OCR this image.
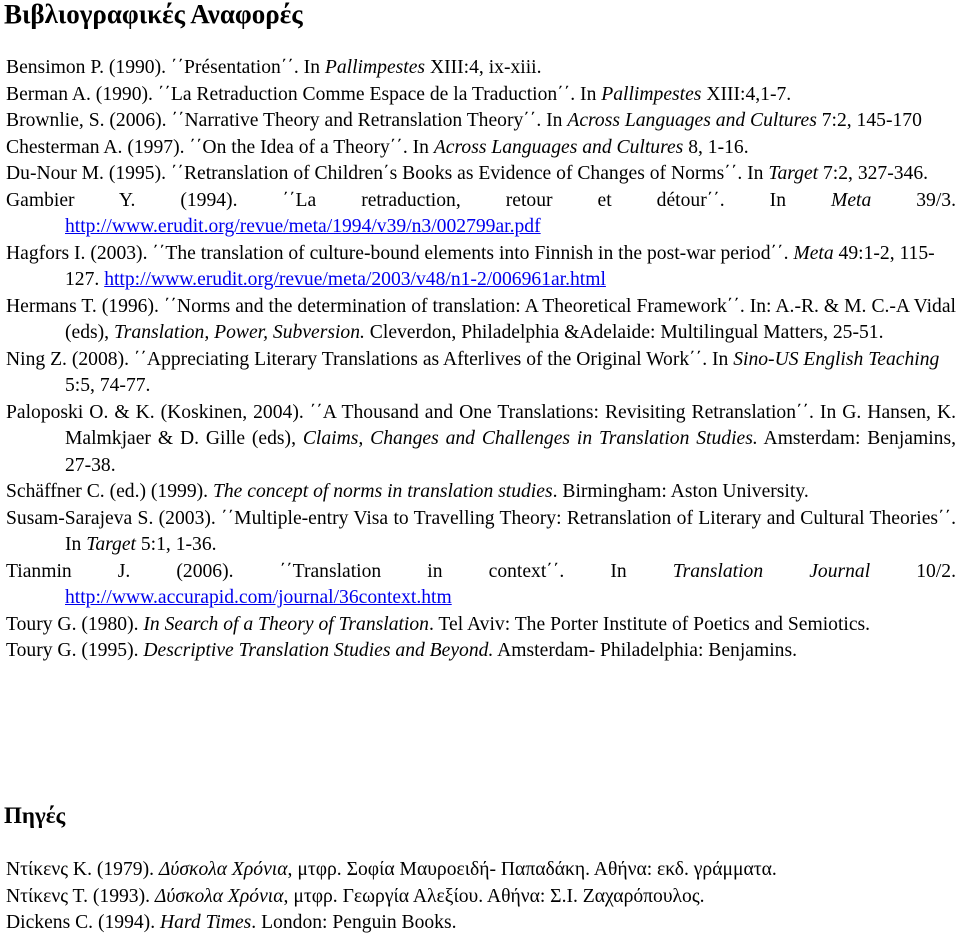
Βιβλιογραφικές Αναφορές

Bensimon P. (1990). ΄΄Présentation΄΄. In Pallimpestes XIII:4, ix-xiii.

Berman A. (1990). ΄΄La Retraduction Comme Espace de la Traduction΄΄. In Pallimpestes XIII:4,1-7.

Brownlie, S. (2006). ΄΄Narrative Theory and Retranslation Theory΄΄. In Across Languages and Cultures 7:2, 145-170

Chesterman A. (1997). ΄΄On the Idea of a Theory΄΄. In Across Languages and Cultures 8, 1-16.

Du-Nour M. (1995). ΄΄Retranslation of Children΄s Books as Evidence of Changes of Norms΄΄. In Target 7:2, 327-346.

Gambier Y. (1994). ΄΄La retraduction, retour et détour΄΄. In Meta 39/3. http://www.erudit.org/revue/meta/1994/v39/n3/002799ar.pdf

Hagfors I. (2003). ΄΄The translation of culture-bound elements into Finnish in the post-war period΄΄. Meta 49:1-2, 115-127. http://www.erudit.org/revue/meta/2003/v48/n1-2/006961ar.html

Hermans T. (1996). ΄΄Norms and the determination of translation: A Theoretical Framework΄΄. In: A.-R. & M. C.-A Vidal (eds), Translation, Power, Subversion. Cleverdon, Philadelphia &Adelaide: Multilingual Matters, 25-51.

Ning Z. (2008). ΄΄Appreciating Literary Translations as Afterlives of the Original Work΄΄. In Sino-US English Teaching 5:5, 74-77.

Paloposki O. & K. (Koskinen, 2004). ΄΄A Thousand and One Translations: Revisiting Retranslation΄΄. In G. Hansen, K. Malmkjaer & D. Gille (eds), Claims, Changes and Challenges in Translation Studies. Amsterdam: Benjamins, 27-38.

Schäffner C. (ed.) (1999). The concept of norms in translation studies. Birmingham: Aston University.

Susam-Sarajeva S. (2003). ΄΄Multiple-entry Visa to Travelling Theory: Retranslation of Literary and Cultural Theories΄΄. In Target 5:1, 1-36.

Tianmin J. (2006). ΄΄Translation in context΄΄. In Translation Journal 10/2. http://www.accurapid.com/journal/36context.htm

Toury G. (1980). In Search of a Theory of Translation. Tel Aviv: The Porter Institute of Poetics and Semiotics.

Toury G. (1995). Descriptive Translation Studies and Beyond. Amsterdam- Philadelphia: Benjamins.

Πηγές

Ντίκενς Κ. (1979). Δύσκολα Χρόνια, μτφρ. Σοφία Μαυροειδή- Παπαδάκη. Αθήνα: εκδ. γράμματα.

Ντίκενς Τ. (1993). Δύσκολα Χρόνια, μτφρ. Γεωργία Αλεξίου. Αθήνα: Σ.Ι. Ζαχαρόπουλος.

Dickens C. (1994). Hard Times. London: Penguin Books.
